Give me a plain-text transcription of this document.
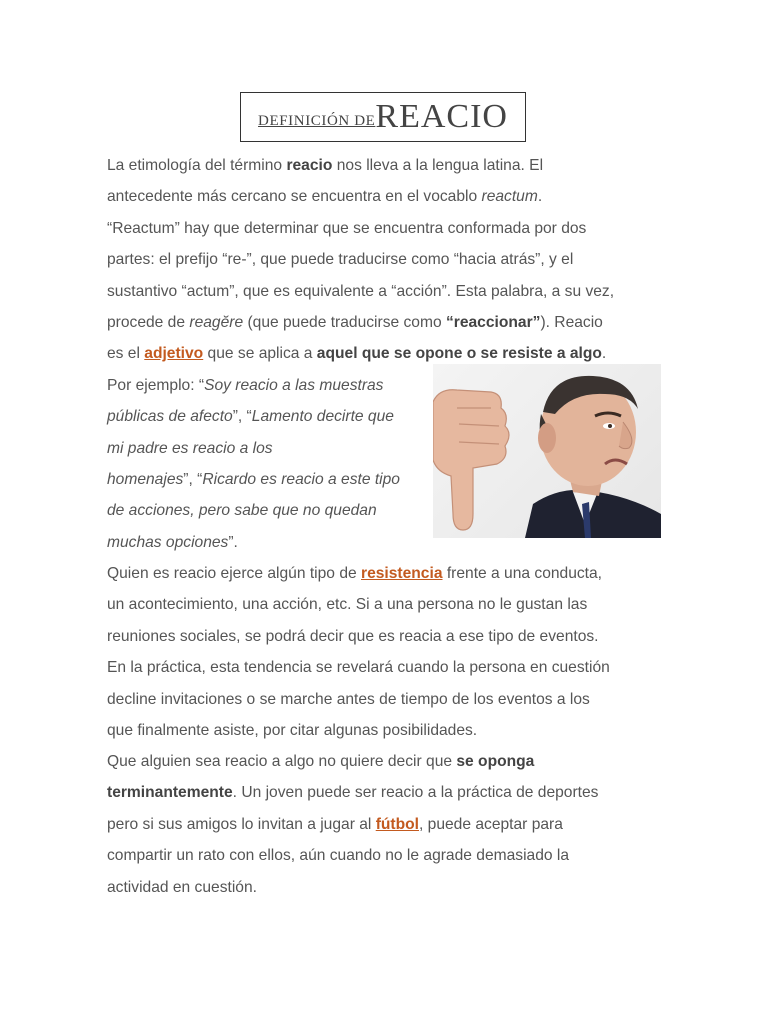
DEFINICIÓN DE REACIO
La etimología del término reacio nos lleva a la lengua latina. El
antecedente más cercano se encuentra en el vocablo reactum.
“Reactum” hay que determinar que se encuentra conformada por dos
partes: el prefijo “re-”, que puede traducirse como “hacia atrás”, y el
sustantivo “actum”, que es equivalente a “acción”. Esta palabra, a su vez,
procede de reagĕre (que puede traducirse como “reaccionar”). Reacio
es el adjetivo que se aplica a aquel que se opone o se resiste a algo.
Por ejemplo: “Soy reacio a las muestras
públicas de afecto”, “Lamento decirte que
mi padre es reacio a los
homenajes”, “Ricardo es reacio a este tipo
de acciones, pero sabe que no quedan
muchas opciones”.
Quien es reacio ejerce algún tipo de resistencia frente a una conducta,
un acontecimiento, una acción, etc. Si a una persona no le gustan las
reuniones sociales, se podrá decir que es reacia a ese tipo de eventos.
En la práctica, esta tendencia se revelará cuando la persona en cuestión
decline invitaciones o se marche antes de tiempo de los eventos a los
que finalmente asiste, por citar algunas posibilidades.
Que alguien sea reacio a algo no quiere decir que se oponga
terminantemente. Un joven puede ser reacio a la práctica de deportes
pero si sus amigos lo invitan a jugar al fútbol, puede aceptar para
compartir un rato con ellos, aún cuando no le agrade demasiado la
actividad en cuestión.
